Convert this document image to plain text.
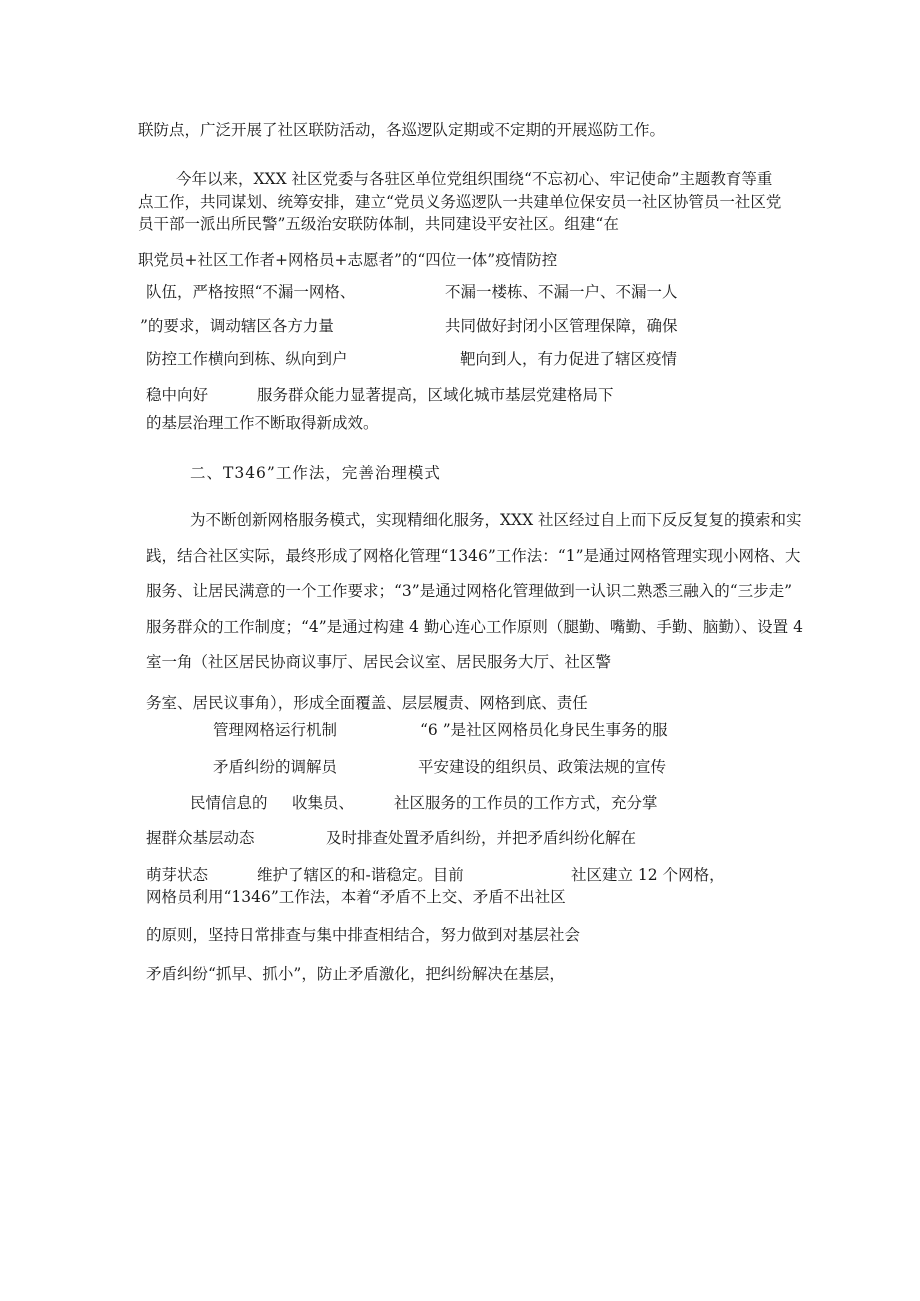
联防点，广泛开展了社区联防活动，各巡逻队定期或不定期的开展巡防工作。
今年以来，XXX 社区党委与各驻区单位党组织围绕“不忘初心、牢记使命”主题教育等重
点工作，共同谋划、统筹安排，建立“党员义务巡逻队一共建单位保安员一社区协管员一社区党
员干部一派出所民警”五级治安联防体制，共同建设平安社区。组建“在
职党员+社区工作者+网格员+志愿者”的“四位一体”疫情防控
队伍，严格按照“不漏一网格、	不漏一楼栋、不漏一户、不漏一人
”的要求，调动辖区各方力量	共同做好封闭小区管理保障，确保
防控工作横向到栋、纵向到户	靶向到人，有力促进了辖区疫情
稳中向好	服务群众能力显著提高，区域化城市基层党建格局下
的基层治理工作不断取得新成效。
二、T346”工作法，完善治理模式
为不断创新网格服务模式，实现精细化服务，XXX 社区经过自上而下反反复复的摸索和实
践，结合社区实际，最终形成了网格化管理“1346”工作法：“1”是通过网格管理实现小网格、大
服务、让居民满意的一个工作要求；“3”是通过网格化管理做到一认识二熟悉三融入的“三步走”
服务群众的工作制度；“4”是通过构建 4 勤心连心工作原则（腿勤、嘴勤、手勤、脑勤）、设置 4
室一角（社区居民协商议事厅、居民会议室、居民服务大厅、社区警
务室、居民议事角），形成全面覆盖、层层履责、网格到底、责任
管理网格运行机制	“6 ”是社区网格员化身民生事务的服
矛盾纠纷的调解员	平安建设的组织员、政策法规的宣传
民情信息的 收集员、	社区服务的工作员的工作方式，充分掌
握群众基层动态	及时排查处置矛盾纠纷，并把矛盾纠纷化解在
萌芽状态	维护了辖区的和-谐稳定。目前	社区建立 12 个网格，
网格员利用“1346”工作法，本着“矛盾不上交、矛盾不出社区
的原则，坚持日常排查与集中排查相结合，努力做到对基层社会
矛盾纠纷“抓早、抓小”，防止矛盾激化，把纠纷解决在基层，
